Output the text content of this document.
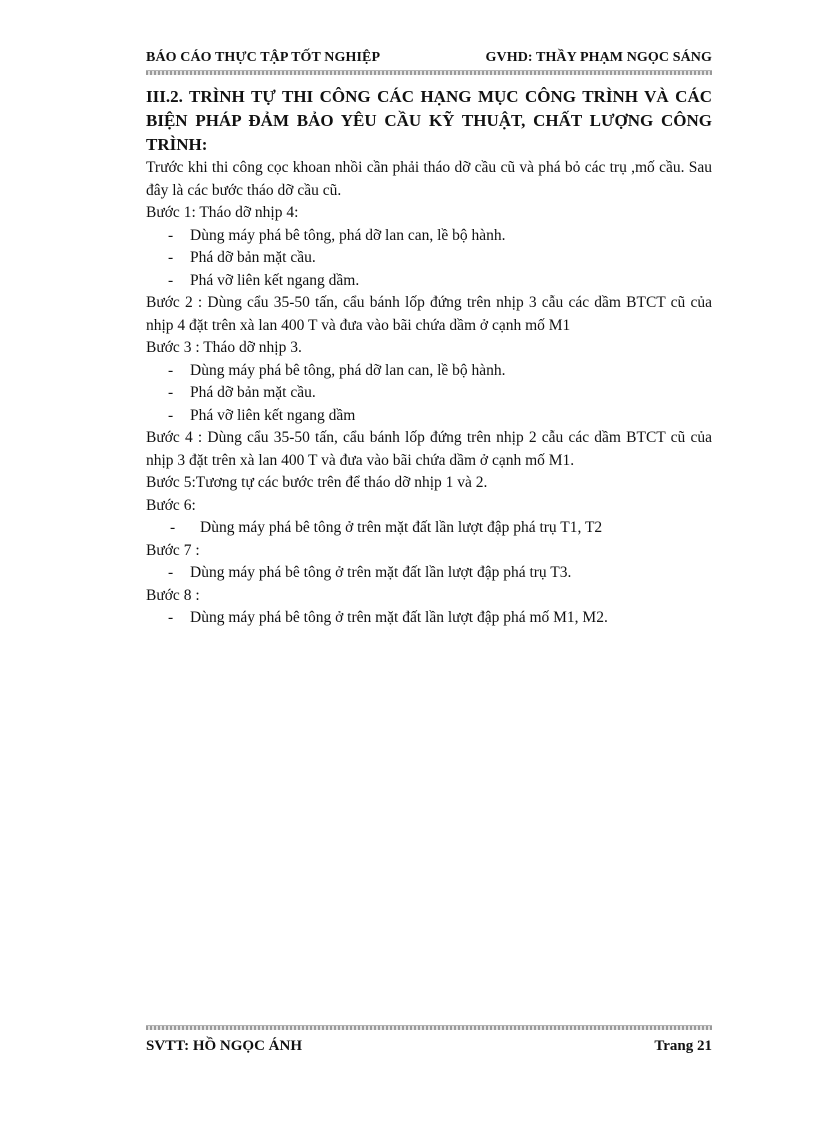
BÁO CÁO THỰC TẬP TỐT NGHIỆP	GVHD: THẦY PHẠM NGỌC SÁNG

III.2. TRÌNH TỰ THI CÔNG CÁC HẠNG MỤC CÔNG TRÌNH VÀ CÁC BIỆN PHÁP ĐẢM BẢO YÊU CẦU KỸ THUẬT, CHẤT LƯỢNG CÔNG TRÌNH:

Trước khi thi công cọc khoan nhồi cần phải tháo dỡ cầu cũ và phá bỏ các trụ ,mố cầu. Sau đây là các bước tháo dỡ cầu cũ.

Bước 1: Tháo dỡ nhịp 4:

-	Dùng máy phá bê tông, phá dỡ lan can, lề bộ hành.
-	Phá dỡ bản mặt cầu.
-	Phá vỡ liên kết ngang dầm.

Bước 2 : Dùng cẩu 35-50 tấn, cẩu bánh lốp đứng trên nhịp 3 cẫu các dầm BTCT cũ của nhịp 4 đặt trên xà lan 400 T và đưa vào bãi chứa dầm ở cạnh mố M1

Bước 3 : Tháo dỡ nhịp 3.

-	Dùng máy phá bê tông, phá dỡ lan can, lề bộ hành.
-	Phá dỡ bản mặt cầu.
-	Phá vỡ liên kết ngang dầm

Bước 4 : Dùng cẩu 35-50 tấn, cẩu bánh lốp đứng trên nhịp 2 cẫu các dầm BTCT cũ của nhịp 3 đặt trên xà lan 400 T và đưa vào bãi chứa dầm ở cạnh mố M1.

Bước 5:Tương tự các bước trên để tháo dỡ nhịp 1 và 2.

Bước 6:

-	Dùng máy phá bê tông ở trên mặt đất lần lượt đập phá trụ T1, T2

Bước 7 :

-	Dùng máy phá bê tông ở trên mặt đất lần lượt đập phá trụ T3.

Bước 8 :

-	Dùng máy phá bê tông ở trên mặt đất lần lượt đập phá mố M1, M2.
SVTT: HỒ NGỌC ÁNH	Trang 21
